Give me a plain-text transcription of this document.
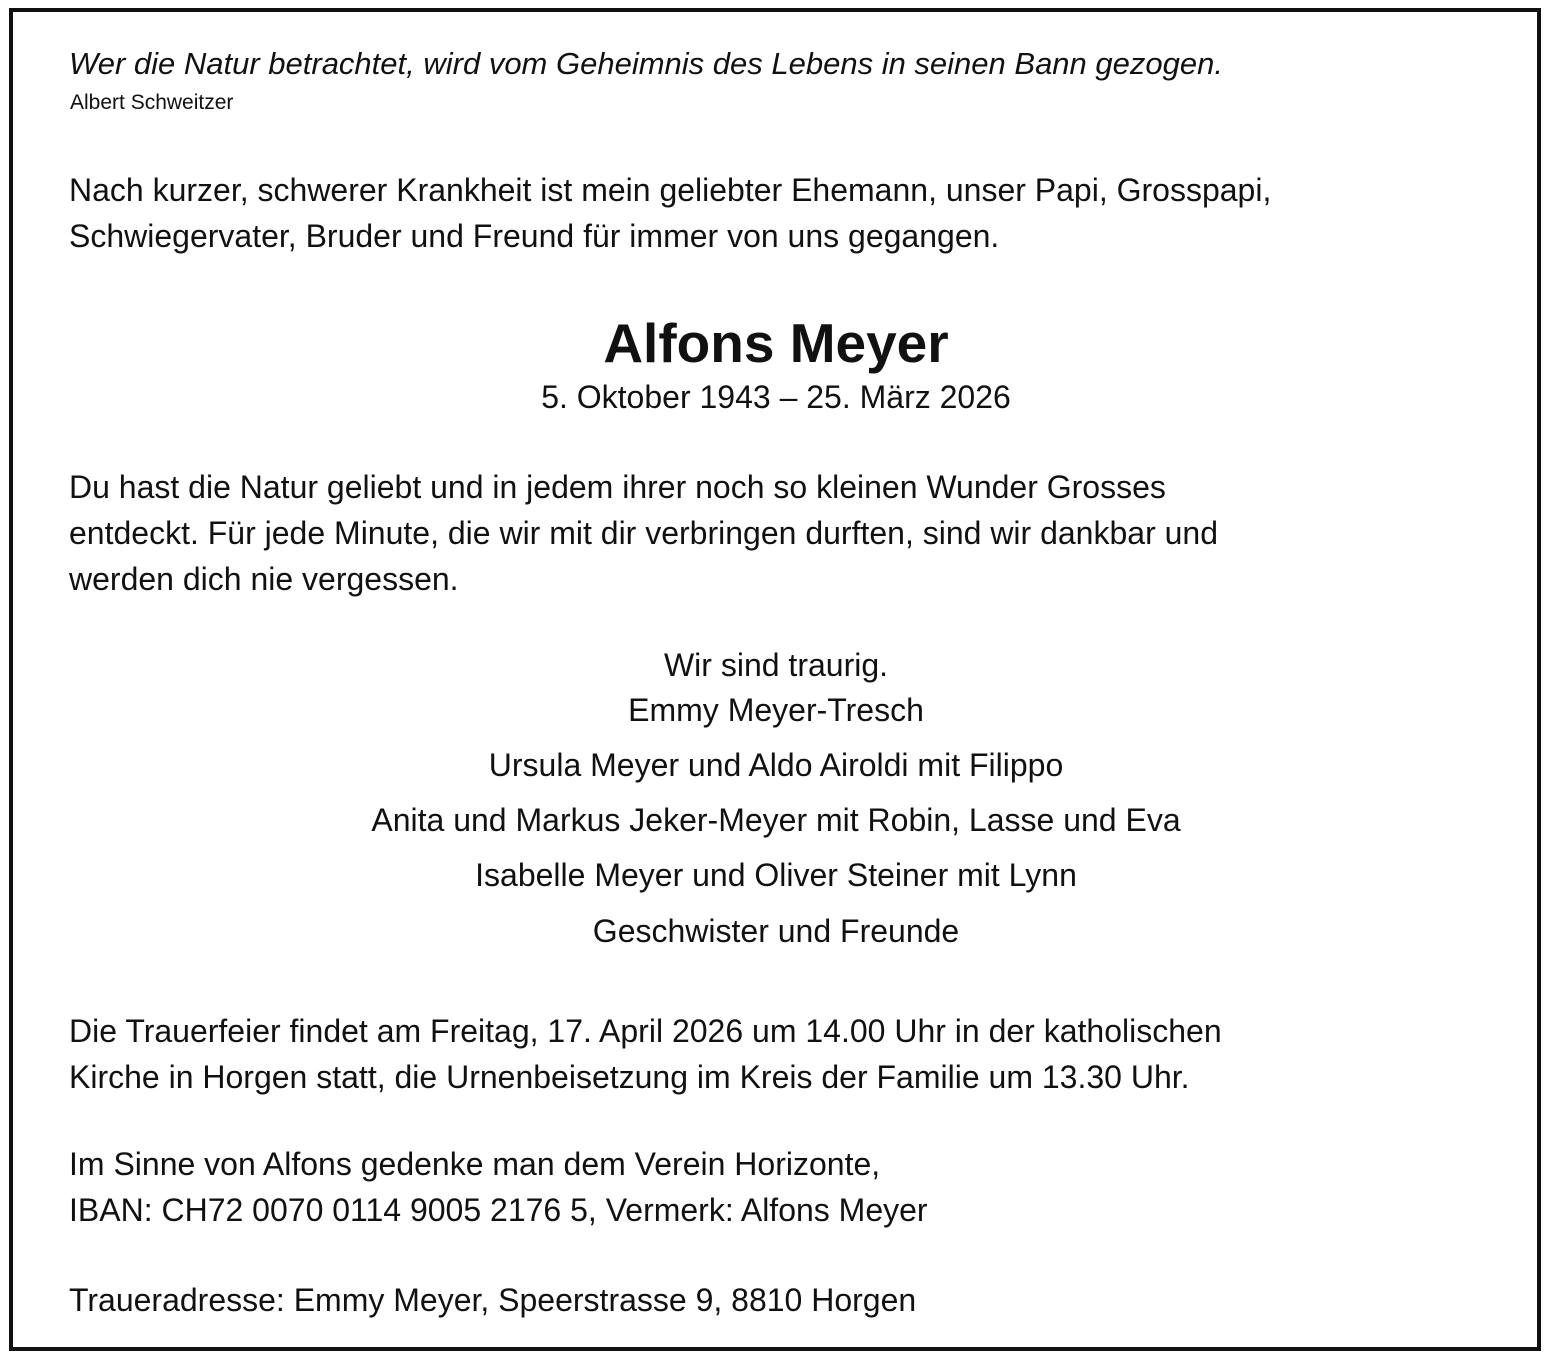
Wer die Natur betrachtet, wird vom Geheimnis des Lebens in seinen Bann gezogen.

Albert Schweitzer

Nach kurzer, schwerer Krankheit ist mein geliebter Ehemann, unser Papi, Grosspapi,
Schwiegervater, Bruder und Freund für immer von uns gegangen.
Alfons Meyer

5. Oktober 1943 – 25. März 2026

Du hast die Natur geliebt und in jedem ihrer noch so kleinen Wunder Grosses
entdeckt. Für jede Minute, die wir mit dir verbringen durften, sind wir dankbar und
werden dich nie vergessen.

Wir sind traurig.

Emmy Meyer-Tresch

Ursula Meyer und Aldo Airoldi mit Filippo

Anita und Markus Jeker-Meyer mit Robin, Lasse und Eva

Isabelle Meyer und Oliver Steiner mit Lynn

Geschwister und Freunde

Die Trauerfeier findet am Freitag, 17. April 2026 um 14.00 Uhr in der katholischen
Kirche in Horgen statt, die Urnenbeisetzung im Kreis der Familie um 13.30 Uhr.
Im Sinne von Alfons gedenke man dem Verein Horizonte,
IBAN: CH72 0070 0114 9005 2176 5, Vermerk: Alfons Meyer

Traueradresse: Emmy Meyer, Speerstrasse 9, 8810 Horgen
